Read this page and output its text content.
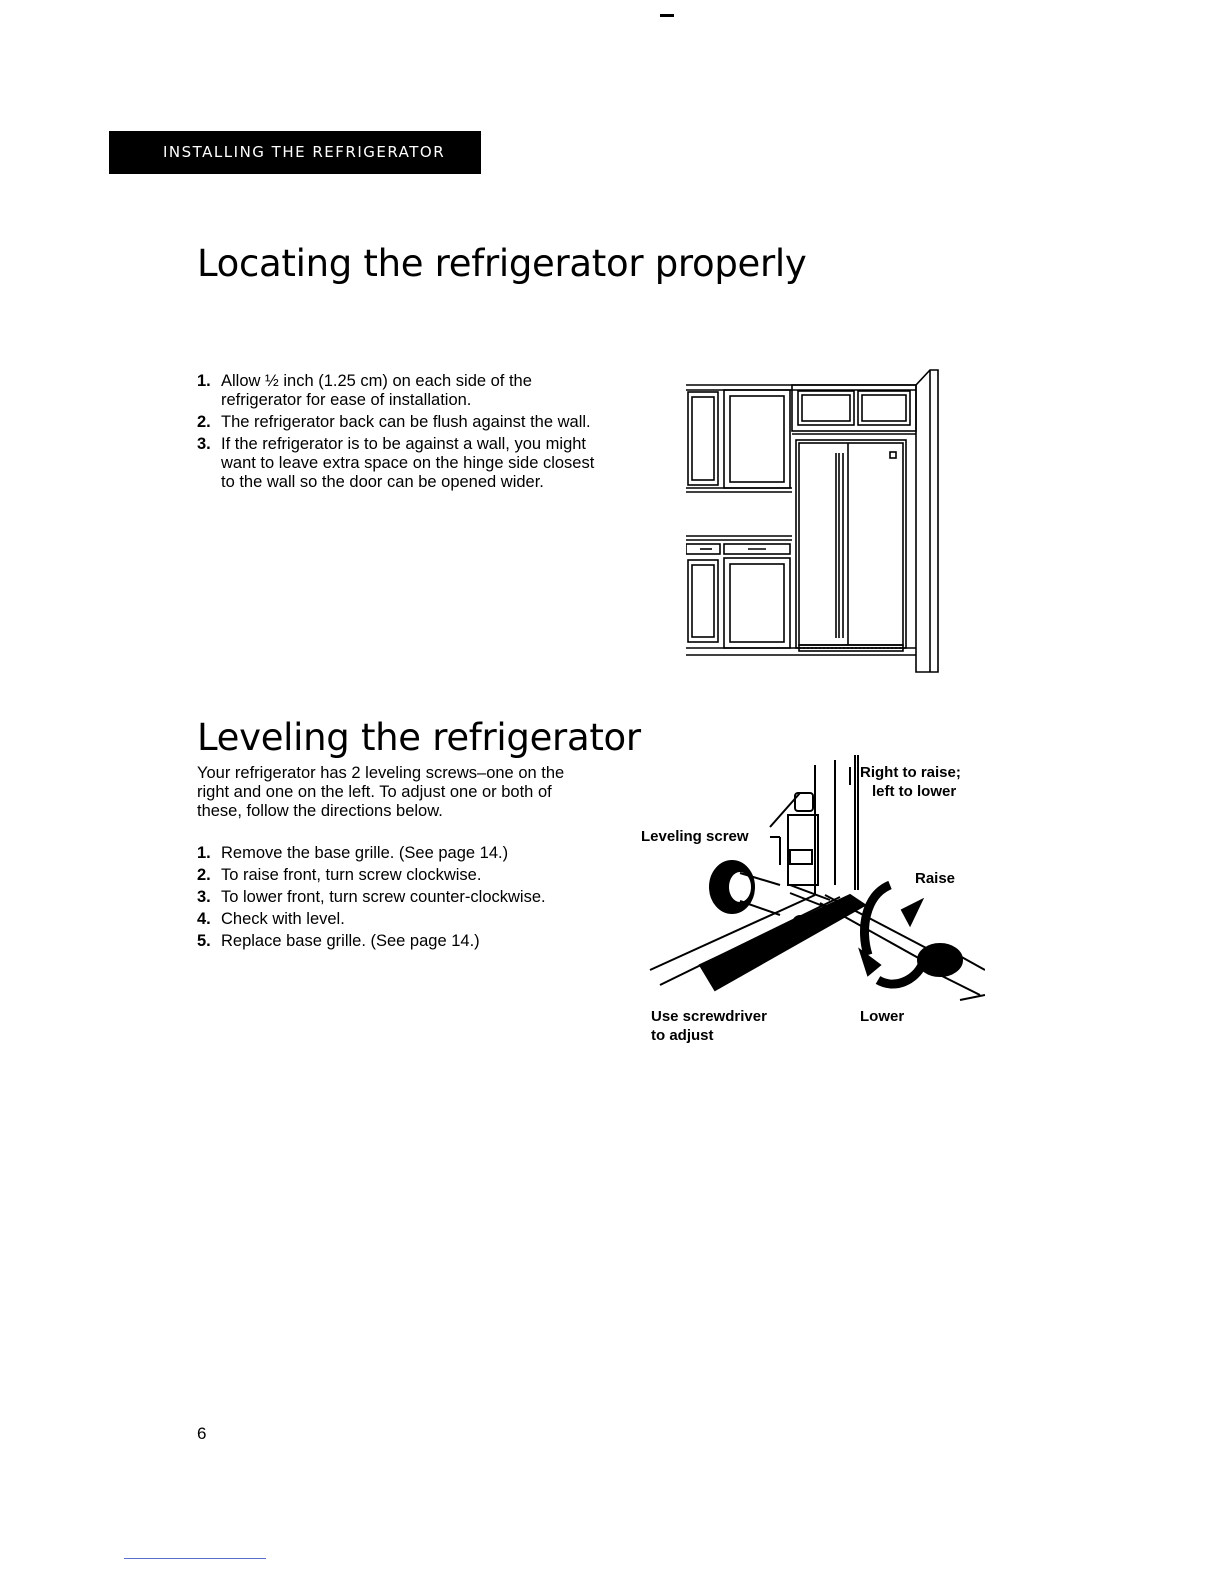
INSTALLING THE REFRIGERATOR
Locating the refrigerator properly
1. Allow ½ inch (1.25 cm) on each side of the refrigerator for ease of installation.
2. The refrigerator back can be flush against the wall.
3. If the refrigerator is to be against a wall, you might want to leave extra space on the hinge side closest to the wall so the door can be opened wider.
Leveling the refrigerator

Your refrigerator has 2 leveling screws–one on the right and one on the left. To adjust one or both of these, follow the directions below.

1. Remove the base grille. (See page 14.)
2. To raise front, turn screw clockwise.
3. To lower front, turn screw counter-clockwise.
4. Check with level.
5. Replace base grille. (See page 14.)
Right to raise;
left to lower
Leveling screw
Raise
Use screwdriver
to adjust
Lower
6
